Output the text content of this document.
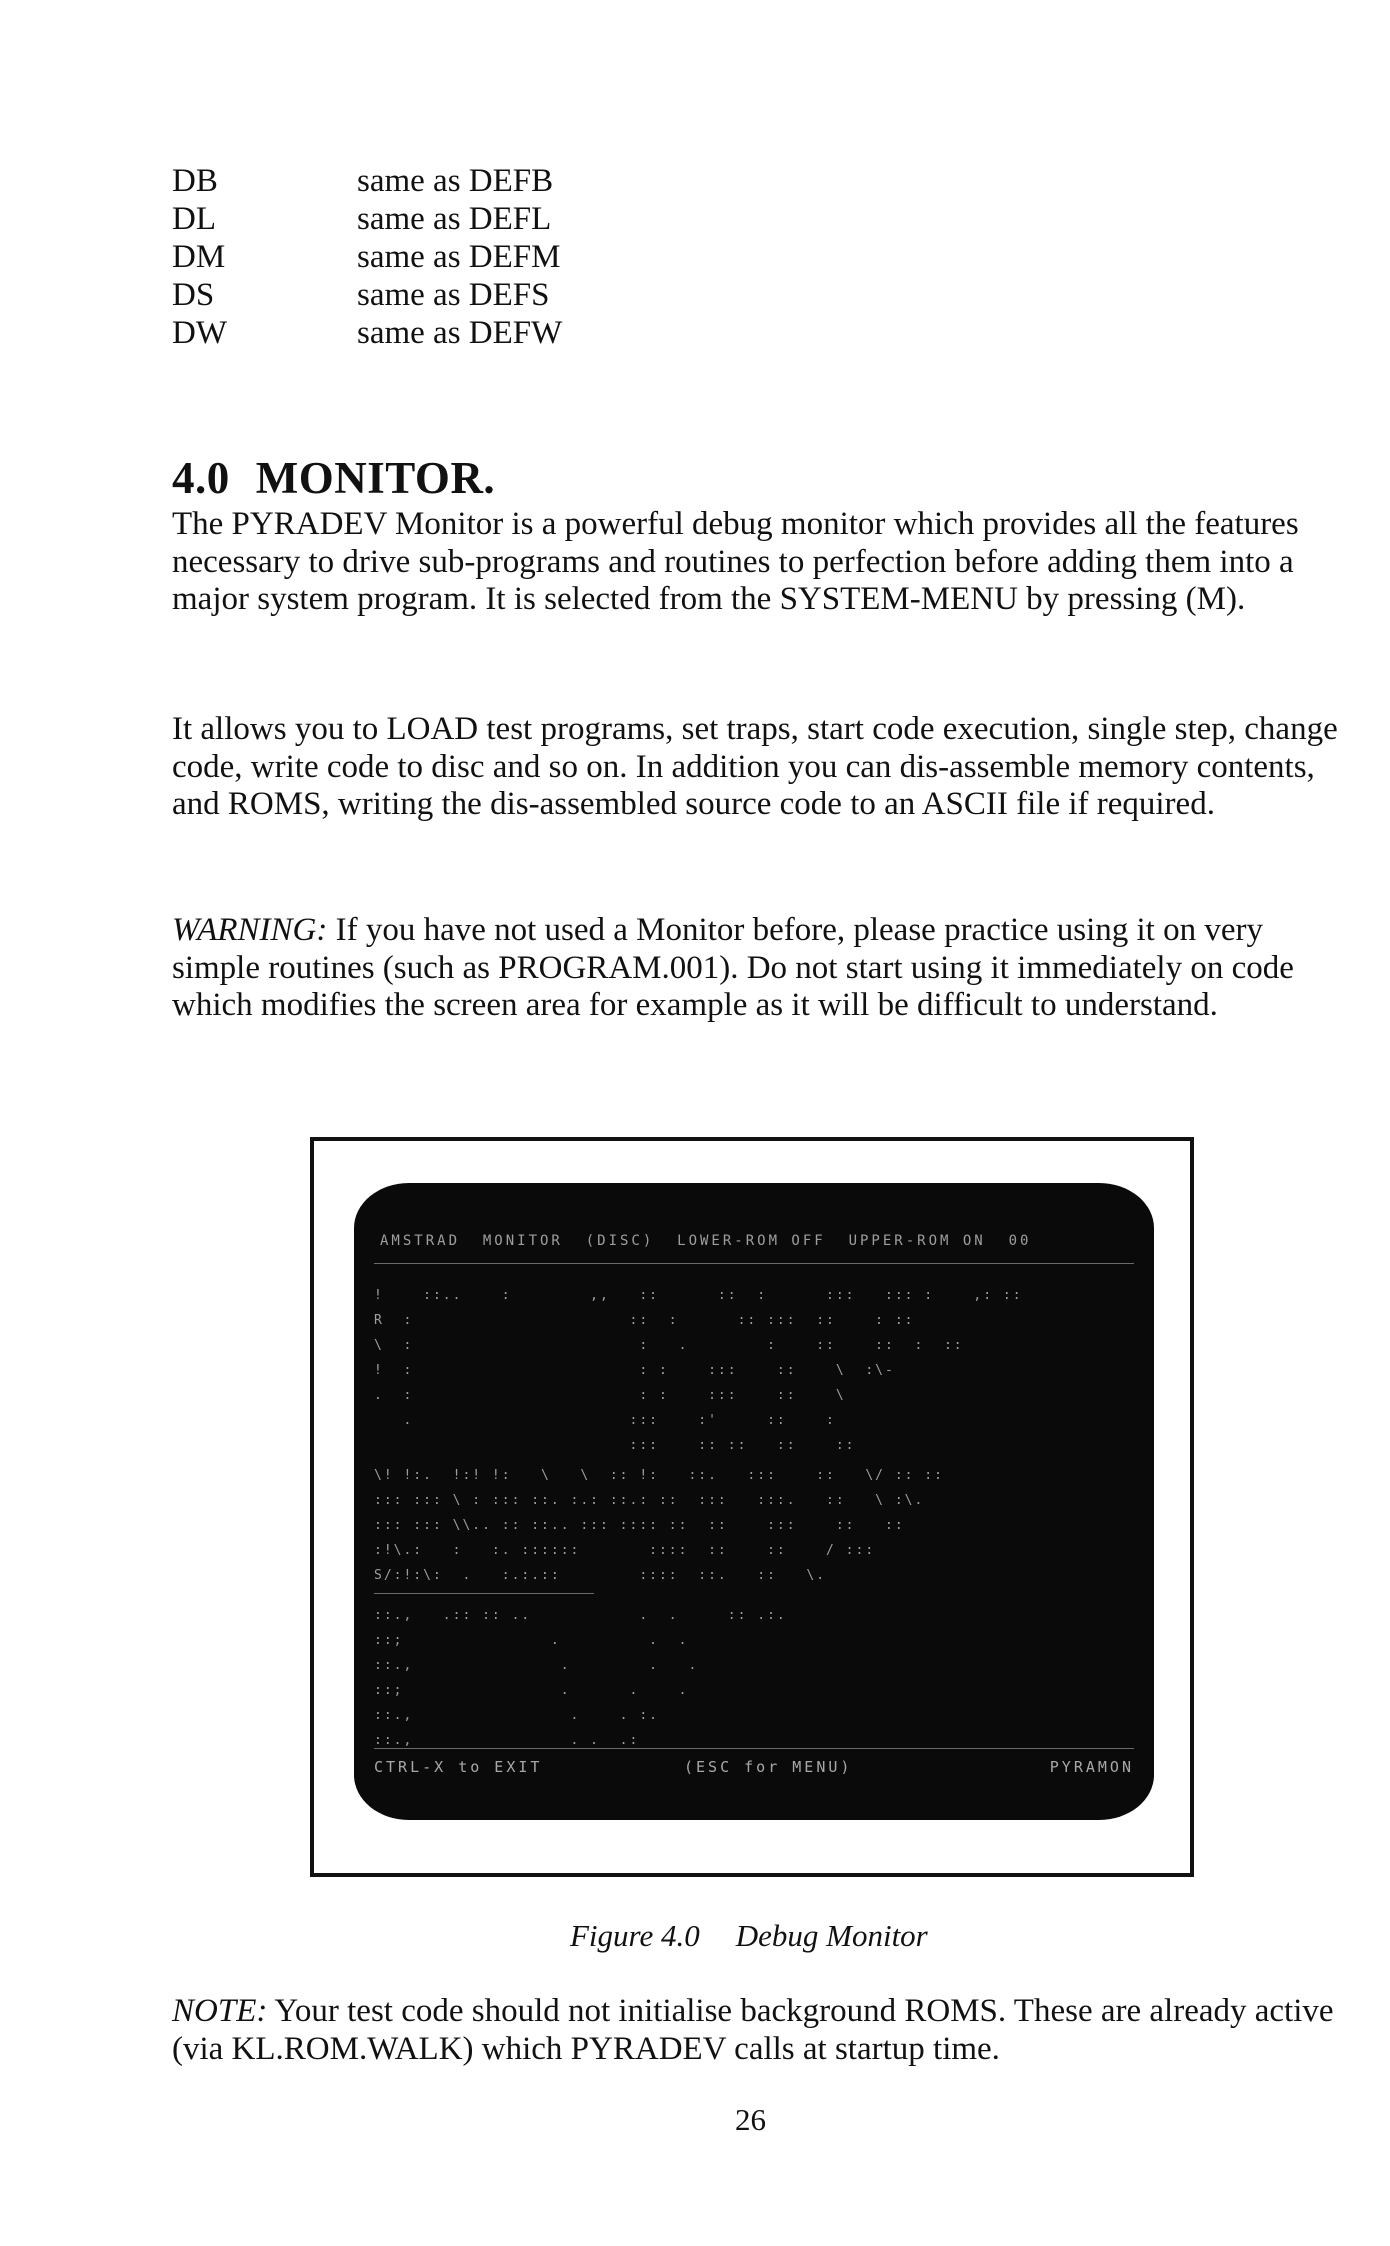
DB	same as DEFB
DL	same as DEFL
DM	same as DEFM
DS	same as DEFS
DW	same as DEFW
4.0 MONITOR.

The PYRADEV Monitor is a powerful debug monitor which provides all the features necessary to drive sub-programs and routines to perfection before adding them into a major system program. It is selected from the SYSTEM-MENU by pressing (M).

It allows you to LOAD test programs, set traps, start code execution, single step, change code, write code to disc and so on. In addition you can dis-assemble memory contents, and ROMS, writing the dis-assembled source code to an ASCII file if required.

WARNING: If you have not used a Monitor before, please practice using it on very simple routines (such as PROGRAM.001). Do not start using it immediately on code which modifies the screen area for example as it will be difficult to understand.

AMSTRAD  MONITOR  (DISC)  LOWER-ROM OFF  UPPER-ROM ON  00
!    ::..    :        ,,   ::      ::  :      :::   ::: :    ,: ::
R  :                      ::  :      :: :::  ::    : ::
\  :                       :   .        :    ::    ::  :  ::
!  :                       : :    :::    ::    \  :\-
.  :                       : :    :::    ::    \
.                      :::    :'     ::    :
:::    :: ::   ::    ::
\! !:.  !:! !:   \   \  :: !:   ::.   :::    ::   \/ :: ::
::: ::: \ : ::: ::. :.: ::.: ::  :::   :::.   ::   \ :\.
::: ::: \\.. :: ::.. ::: :::: ::  ::    :::    ::   ::
:!\.:   :   :. ::::::       ::::  ::    ::    / :::
S/:!:\:  .   :.:.::        ::::  ::.   ::   \.
::.,   .:: :: ..           .  .     :: .:.
::;               .         .  .
::.,               .        .   .
::;                .      .    .
::.,                .    . :.
::.,                . .  .:
CTRL-X to EXIT	(ESC for MENU)	PYRAMON
Figure 4.0 Debug Monitor

NOTE: Your test code should not initialise background ROMS. These are already active (via KL.ROM.WALK) which PYRADEV calls at startup time.

26
